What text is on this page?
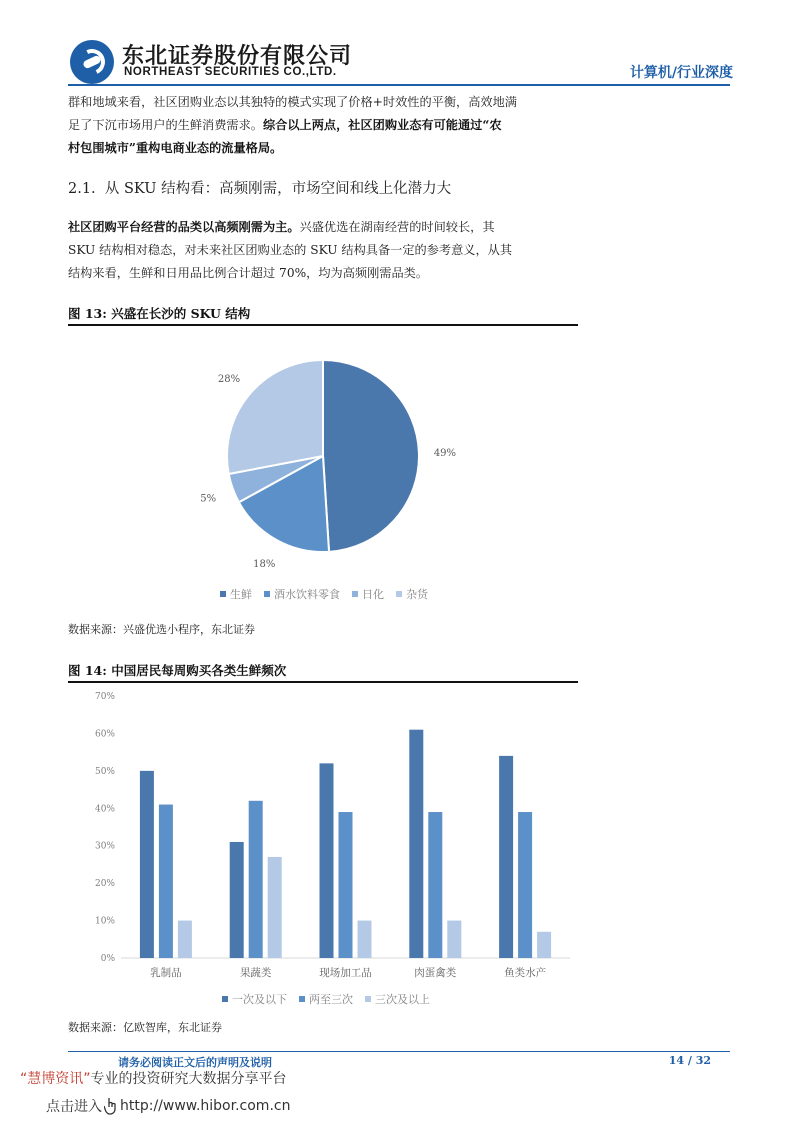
东北证券股份有限公司
NORTHEAST SECURITIES CO.,LTD.	计算机/行业深度
群和地域来看，社区团购业态以其独特的模式实现了价格+时效性的平衡，高效地满
足了下沉市场用户的生鲜消费需求。综合以上两点，社区团购业态有可能通过“农
村包围城市”重构电商业态的流量格局。
2.1. 从 SKU 结构看：高频刚需，市场空间和线上化潜力大
社区团购平台经营的品类以高频刚需为主。兴盛优选在湖南经营的时间较长，其
SKU 结构相对稳态，对未来社区团购业态的 SKU 结构具备一定的参考意义，从其
结构来看，生鲜和日用品比例合计超过 70%，均为高频刚需品类。
图 13: 兴盛在长沙的 SKU 结构
49%
18%
5%
28%
生鲜 酒水饮料零食 日化 杂货
数据来源：兴盛优选小程序，东北证券
图 14: 中国居民每周购买各类生鲜频次
0%
10%
20%
30%
40%
50%
60%
70%
乳制品	果蔬类	现场加工品	肉蛋禽类	鱼类水产
一次及以下 两至三次 三次及以上
数据来源：亿欧智库，东北证券
请务必阅读正文后的声明及说明	14 / 32
“慧博资讯”专业的投资研究大数据分享平台
点击进入 http://www.hibor.com.cn
